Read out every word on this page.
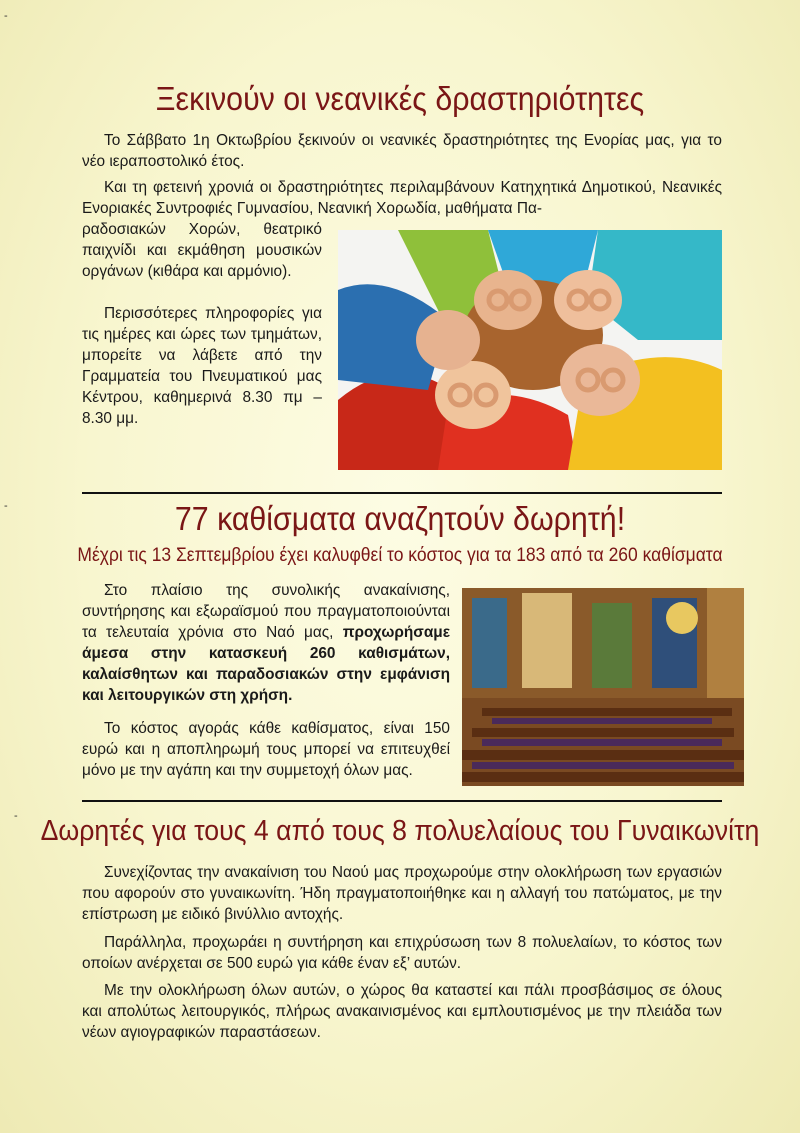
-
-
-
Ξεκινούν οι νεανικές δραστηριότητες

Το Σάββατο 1η Οκτωβρίου ξεκινούν οι νεανικές δραστηριότητες της Ενορίας μας, για το νέο ιεραποστολικό έτος.

Και τη φετεινή χρονιά οι δραστηριότητες περιλαμβάνουν Κατηχητικά Δημοτικού, Νεανικές Ενοριακές Συντροφιές Γυμνασίου, Νεανική Χορωδία, μαθήματα Πα-

ραδοσιακών Χορών, θεατρικό παιχνίδι και εκμάθηση μουσικών οργάνων (κιθάρα και αρμόνιο).

Περισσότερες πληροφορίες για τις ημέρες και ώρες των τμημάτων, μπορείτε να λάβετε από την Γραμματεία του Πνευματικού μας Κέντρου, καθημερινά 8.30 πμ – 8.30 μμ.

77 καθίσματα αναζητούν δωρητή!
Μέχρι τις 13 Σεπτεμβρίου έχει καλυφθεί το κόστος για τα 183 από τα 260 καθίσματα

Στο πλαίσιο της συνολικής ανακαίνισης, συντήρησης και εξωραϊσμού που πραγματοποιούνται τα τελευταία χρόνια στο Ναό μας, προχωρήσαμε άμεσα στην κατασκευή 260 καθισμάτων, καλαίσθητων και παραδοσιακών στην εμφάνιση και λειτουργικών στη χρήση.

Το κόστος αγοράς κάθε καθίσματος, είναι 150 ευρώ και η αποπληρωμή τους μπορεί να επιτευχθεί μόνο με την αγάπη και την συμμετοχή όλων μας.

Δωρητές για τους 4 από τους 8 πολυελαίους του Γυναικωνίτη

Συνεχίζοντας την ανακαίνιση του Ναού μας προχωρούμε στην ολοκλήρωση των εργασιών που αφορούν στο γυναικωνίτη. Ήδη πραγματοποιήθηκε και η αλλαγή του πατώματος, με την επίστρωση με ειδικό βινύλλιο αντοχής.

Παράλληλα, προχωράει η συντήρηση και επιχρύσωση των 8 πολυελαίων, το κόστος των οποίων ανέρχεται σε 500 ευρώ για κάθε έναν εξ’ αυτών.

Με την ολοκλήρωση όλων αυτών, ο χώρος θα καταστεί και πάλι προσβάσιμος σε όλους και απολύτως λειτουργικός, πλήρως ανακαινισμένος και εμπλουτισμένος με την πλειάδα των νέων αγιογραφικών παραστάσεων.
